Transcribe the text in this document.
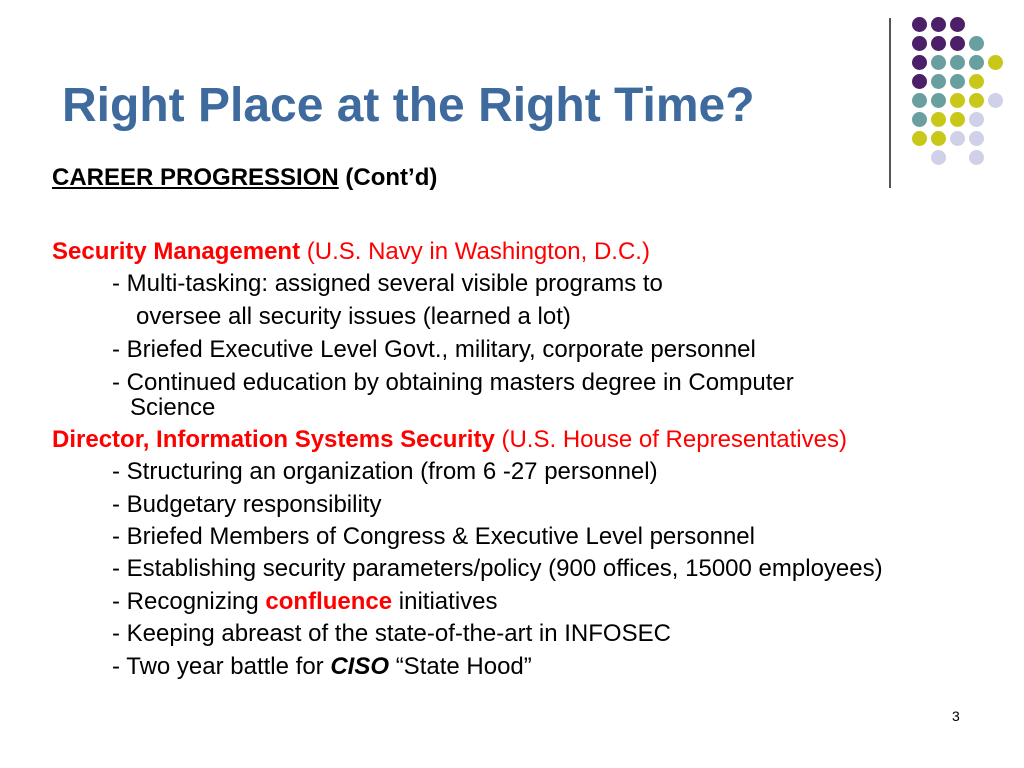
Right Place at the Right Time?
CAREER PROGRESSION (Cont’d)
Security Management (U.S. Navy in Washington, D.C.)
- Multi-tasking: assigned several visible programs to
oversee all security issues (learned a lot)
- Briefed Executive Level Govt., military, corporate personnel
- Continued education by obtaining masters degree in Computer
Science
Director, Information Systems Security (U.S. House of Representatives)
- Structuring an organization (from 6 -27 personnel)
- Budgetary responsibility
- Briefed Members of Congress & Executive Level personnel
- Establishing security parameters/policy (900 offices, 15000 employees)
- Recognizing confluence initiatives
- Keeping abreast of the state-of-the-art in INFOSEC
- Two year battle for CISO “State Hood”
3
